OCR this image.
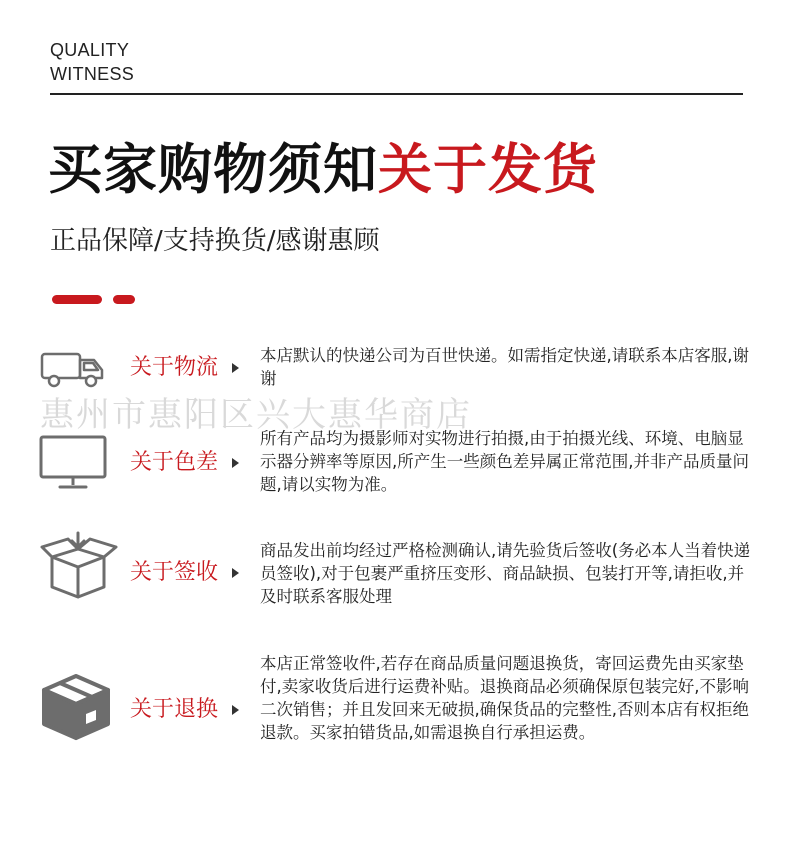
QUALITY
WITNESS
买家购物须知关于发货
正品保障/支持换货/感谢惠顾
惠州市惠阳区兴大惠华商店
关于物流	本店默认的快递公司为百世快递。如需指定快递,请联系本店客服,谢谢
关于色差
所有产品均为摄影师对实物进行拍摄,由于拍摄光线、环境、电脑显示器分辨率等原因,所产生一些颜色差异属正常范围,并非产品质量问题,请以实物为准。
关于签收
商品发出前均经过严格检测确认,请先验货后签收(务必本人当着快递员签收),对于包裹严重挤压变形、商品缺损、包装打开等,请拒收,并及时联系客服处理
关于退换
本店正常签收件,若存在商品质量问题退换货，寄回运费先由买家垫付,卖家收货后进行运费补贴。退换商品必须确保原包装完好,不影响二次销售；并且发回来无破损,确保货品的完整性,否则本店有权拒绝退款。买家拍错货品,如需退换自行承担运费。
